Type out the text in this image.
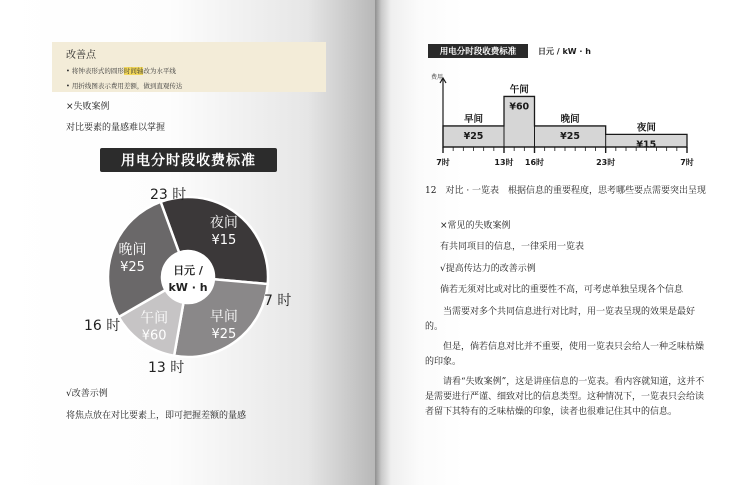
改善点
• 将钟表形式的圆形时间轴改为水平线
• 用折线图表示费用差额，做到直观传达
×失败案例
对比要素的量感难以掌握
用电分时段收费标准
夜间
¥15
早间
¥25
午间
¥60
晚间
¥25	日元 /
kW · h
23 时
7 时
13 时
16 时
√改善示例
将焦点放在对比要素上，即可把握差额的量感
用电分时段收费标准	日元 / kW · h
早间
¥25
午间
¥60
晚间
¥25
夜间
¥15
7时	13时 16时	23时	7时
费用
12　对比 · 一览表　根据信息的重要程度，思考哪些要点需要突出呈现
×常见的失败案例
有共同项目的信息，一律采用一览表
√提高传达力的改善示例
倘若无须对比或对比的重要性不高，可考虑单独呈现各个信息
当需要对多个共同信息进行对比时，用一览表呈现的效果是最好的。
但是，倘若信息对比并不重要，使用一览表只会给人一种乏味枯燥的印象。
请看“失败案例”，这是讲座信息的一览表。看内容就知道，这并不是需要进行严谨、细致对比的信息类型。这种情况下，一览表只会给读者留下其特有的乏味枯燥的印象，读者也很难记住其中的信息。
